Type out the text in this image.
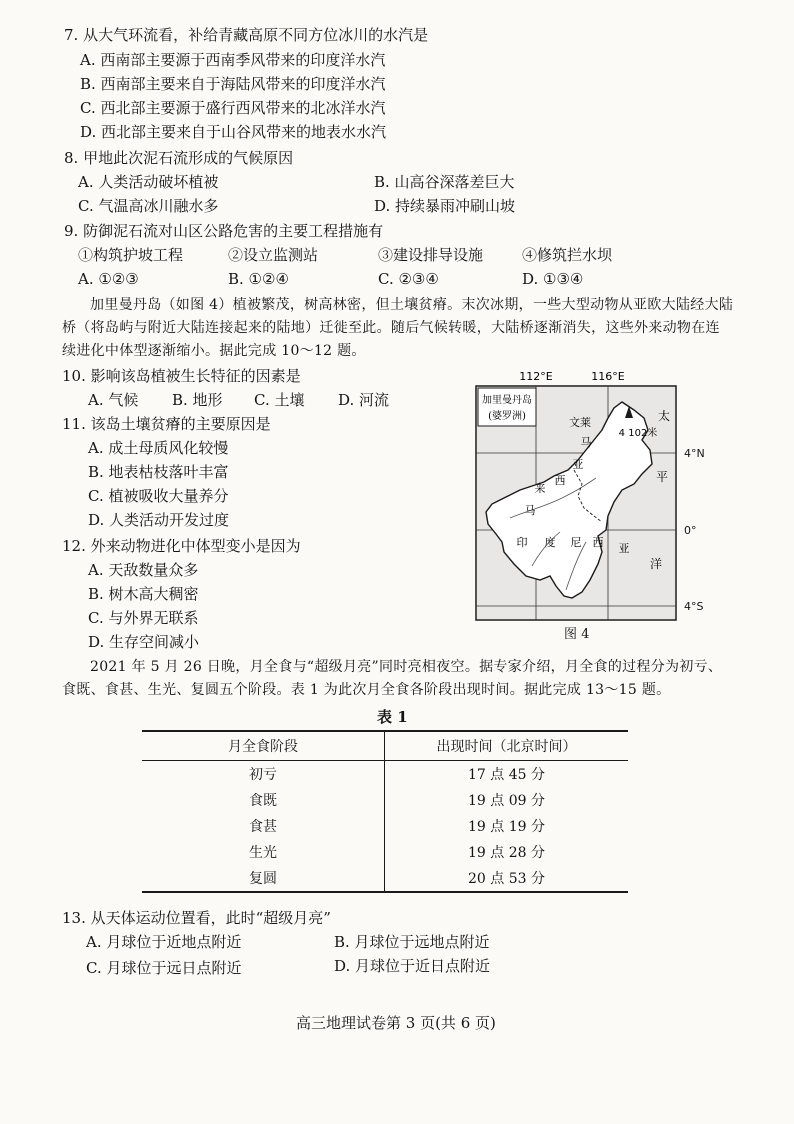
7. 从大气环流看，补给青藏高原不同方位冰川的水汽是
A. 西南部主要源于西南季风带来的印度洋水汽
B. 西南部主要来自于海陆风带来的印度洋水汽
C. 西北部主要源于盛行西风带来的北冰洋水汽
D. 西北部主要来自于山谷风带来的地表水水汽
8. 甲地此次泥石流形成的气候原因
A. 人类活动破坏植被	B. 山高谷深落差巨大
C. 气温高冰川融水多	D. 持续暴雨冲刷山坡
9. 防御泥石流对山区公路危害的主要工程措施有
①构筑护坡工程	②设立监测站	③建设排导设施	④修筑拦水坝
A. ①②③	B. ①②④	C. ②③④	D. ①③④
加里曼丹岛（如图 4）植被繁茂，树高林密，但土壤贫瘠。末次冰期，一些大型动物从亚欧大陆经大陆桥（将岛屿与附近大陆连接起来的陆地）迁徙至此。随后气候转暖，大陆桥逐渐消失，这些外来动物在连续进化中体型逐渐缩小。据此完成 10～12 题。
10. 影响该岛植被生长特征的因素是
A. 气候 B. 地形 C. 土壤 D. 河流
11. 该岛土壤贫瘠的主要原因是
A. 成土母质风化较慢
B. 地表枯枝落叶丰富
C. 植被吸收大量养分
D. 人类活动开发过度
12. 外来动物进化中体型变小是因为
A. 天敌数量众多
B. 树木高大稠密
C. 与外界无联系
D. 生存空间减小
112°E	116°E
加里曼丹岛
(婆罗洲)	文莱
4 102米
马
亚
西
来
马
印 度 尼 西 亚
太
平
洋
4°N
0°
4°S
图 4
2021 年 5 月 26 日晚，月全食与“超级月亮”同时亮相夜空。据专家介绍，月全食的过程分为初亏、食既、食甚、生光、复圆五个阶段。表 1 为此次月全食各阶段出现时间。据此完成 13～15 题。
表 1
月全食阶段	出现时间（北京时间）
初亏	17 点 45 分
食既	19 点 09 分
食甚	19 点 19 分
生光	19 点 28 分
复圆	20 点 53 分
13. 从天体运动位置看，此时“超级月亮”
A. 月球位于近地点附近	B. 月球位于远地点附近
C. 月球位于远日点附近	D. 月球位于近日点附近
高三地理试卷第 3 页(共 6 页)
